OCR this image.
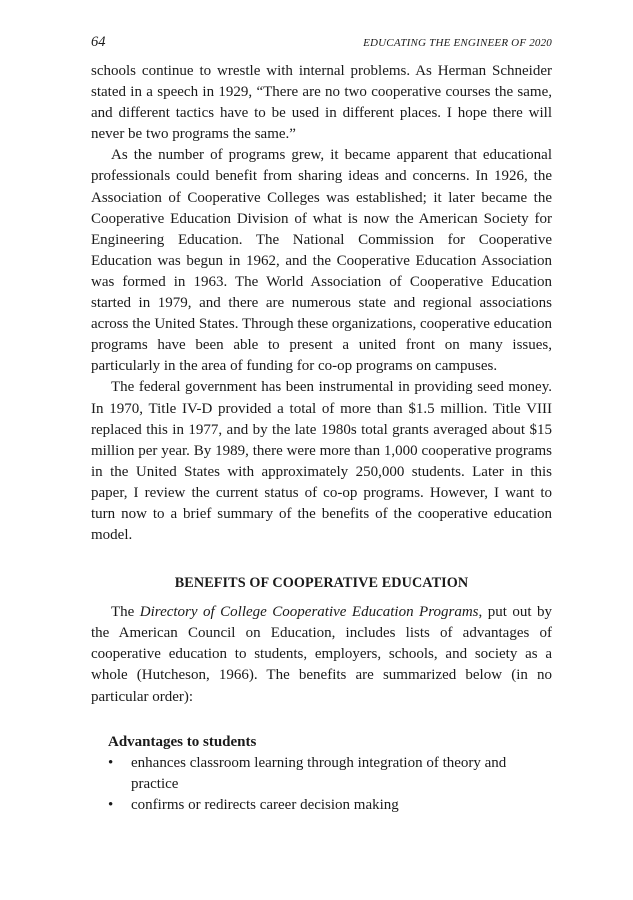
64	EDUCATING THE ENGINEER OF 2020

schools continue to wrestle with internal problems. As Herman Schneider stated in a speech in 1929, “There are no two cooperative courses the same, and different tactics have to be used in different places. I hope there will never be two programs the same.”

As the number of programs grew, it became apparent that educational professionals could benefit from sharing ideas and concerns. In 1926, the Association of Cooperative Colleges was established; it later became the Cooperative Education Division of what is now the American Society for Engineering Education. The National Commission for Cooperative Education was begun in 1962, and the Cooperative Education Association was formed in 1963. The World Association of Cooperative Education started in 1979, and there are numerous state and regional associations across the United States. Through these organizations, cooperative education programs have been able to present a united front on many issues, particularly in the area of funding for co-op programs on campuses.

The federal government has been instrumental in providing seed money. In 1970, Title IV-D provided a total of more than $1.5 million. Title VIII replaced this in 1977, and by the late 1980s total grants averaged about $15 million per year. By 1989, there were more than 1,000 cooperative programs in the United States with approximately 250,000 students. Later in this paper, I review the current status of co-op programs. However, I want to turn now to a brief summary of the benefits of the cooperative education model.

BENEFITS OF COOPERATIVE EDUCATION

The Directory of College Cooperative Education Programs, put out by the American Council on Education, includes lists of advantages of cooperative education to students, employers, schools, and society as a whole (Hutcheson, 1966). The benefits are summarized below (in no particular order):

Advantages to students
•	enhances classroom learning through integration of theory and practice
•	confirms or redirects career decision making
